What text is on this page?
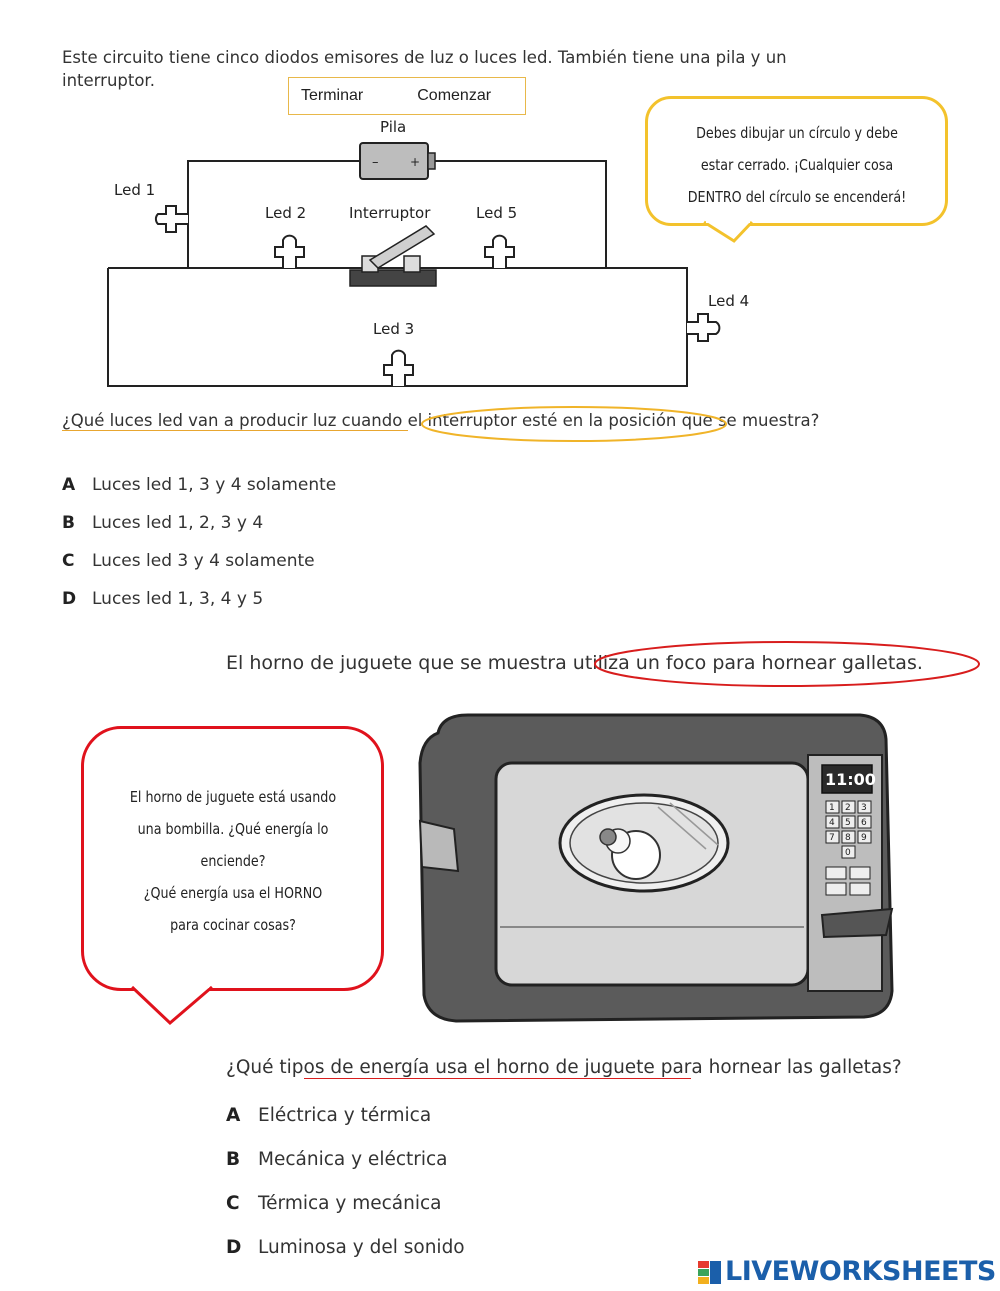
Este circuito tiene cinco diodos emisores de luz o luces led. También tiene una pila y un interruptor.
Terminar	Comenzar
–	+
Pila
Led 1
Led 2	Led 5
Interruptor
Led 4
Led 3
Debes dibujar un círculo y debe
estar cerrado. ¡Cualquier cosa
DENTRO del círculo se encenderá!
¿Qué luces led van a producir luz cuando el interruptor esté en la posición que se muestra?
A Luces led 1, 3 y 4 solamente
B Luces led 1, 2, 3 y 4
C Luces led 3 y 4 solamente
D Luces led 1, 3, 4 y 5
El horno de juguete que se muestra utiliza un foco para hornear galletas.
El horno de juguete está usando
una bombilla. ¿Qué energía lo
enciende?
¿Qué energía usa el HORNO
para cocinar cosas?
11:00
1 2 3
4 5 6
7 8 9
0
¿Qué tipos de energía usa el horno de juguete para hornear las galletas?
A Eléctrica y térmica
B Mecánica y eléctrica
C Térmica y mecánica
D Luminosa y del sonido
LIVEWORKSHEETS
